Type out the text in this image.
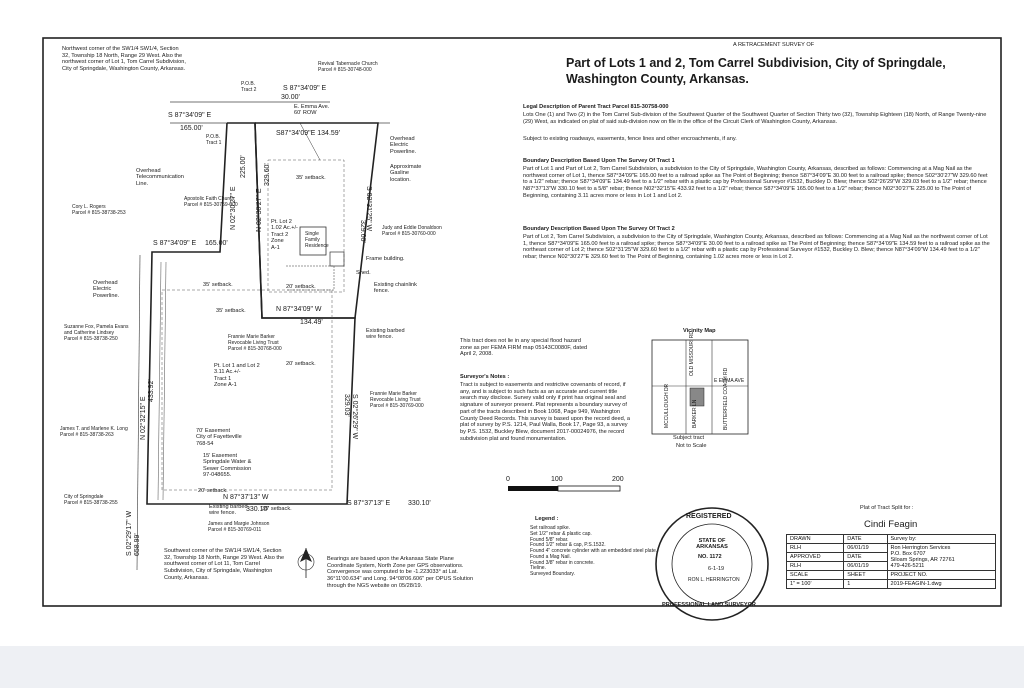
A RETRACEMENT SURVEY OF
Part of Lots 1 and 2, Tom Carrel Subdivision, City of Springdale, Washington County, Arkansas.
Legal Description of Parent Tract Parcel 815-30758-000
Lots One (1) and Two (2) in the Tom Carrel Sub-division of the Southwest Quarter of the Southwest Quarter of Section Thirty two (32), Township Eighteen (18) North, of Range Twenty-nine (29) West, as indicated on plat of said sub-division now on file in the office of the Circuit Clerk of Washington County, Arkansas.
Subject to existing roadways, easements, fence lines and other encroachments, if any.
Boundary Description Based Upon The Survey Of Tract 1
Part of Lot 1 and Part of Lot 2, Tom Carrel Subdivision, a subdivision to the City of Springdale, Washington County, Arkansas, described as follows: Commencing at a Mag Nail as the northwest corner of Lot 1, thence S87°34'09"E 165.00 feet to a railroad spike as The Point of Beginning; thence S87°34'09"E 30.00 feet to a railroad spike; thence S02°30'27"W 329.60 feet to a 1/2" rebar; thence S87°34'09"E 134.49 feet to a 1/2" rebar with a plastic cap by Professional Surveyor #1532, Buckley D. Blew; thence S02°26'29"W 329.03 feet to a 1/2" rebar; thence N87°37'13"W 330.10 feet to a 5/8" rebar; thence N02°32'15"E 433.92 feet to a 1/2" rebar; thence S87°34'09"E 165.00 feet to a 1/2" rebar; thence N02°30'27"E 225.00 to The Point of Beginning, containing 3.11 acres more or less in Lot 1 and Lot 2.
Boundary Description Based Upon The Survey Of Tract 2
Part of Lot 2, Tom Carrel Subdivision, a subdivision to the City of Springdale, Washington County, Arkansas, described as follows: Commencing at a Mag Nail as the northwest corner of Lot 1, thence S87°34'09"E 165.00 feet to a railroad spike; thence S87°34'09"E 30.00 feet to a railroad spike as The Point of Beginning; thence S87°34'09"E 134.59 feet to a railroad spike as the northeast corner of Lot 2; thence S02°31'25"W 329.60 feet to a 1/2" rebar with a plastic cap by Professional Surveyor #1532, Buckley D. Blew; thence N87°34'09"W 134.49 feet to a 1/2" rebar; thence N02°30'27"E 329.60 feet to The Point of Beginning, containing 1.02 acres more or less in Lot 2.
This tract does not lie in any special flood hazard zone as per FEMA FIRM map 05143C0080F, dated April 2, 2008.
Surveyor's Notes :
Tract is subject to easements and restrictive covenants of record, if any, and is subject to such facts as an accurate and current title search may disclose. Survey valid only if print has original seal and signature of surveyor present. Plat represents a boundary survey of part of the tracts described in Book 1068, Page 949, Washington County Deed Records. This survey is based upon the record deed, a plat of survey by P.S. 1214, Paul Walla, Book 17, Page 93, a survey by P.S. 1532, Buckley Blew, document 2017-00024976, the record subdivision plat and found monumentation.
Vicinity Map
E EMMA AVE
MCCULLOUGH DR	BUTTERFIELD COACH RD
BARKER LN
OLD MISSOURI RD
Subject tract
Not to Scale
0	100	200
Legend :
Set railroad spike.
Set 1/2" rebar & plastic cap.
Found 5/8" rebar.
Found 1/2" rebar & cap, P.S.1532.
Found 4" concrete cylinder with an embedded steel plate.
Found a Mag Nail.
Found 3/8" rebar in concrete.
Tieline.
Surveyed Boundary.
Bearings are based upon the Arkansas State Plane Coordinate System, North Zone per GPS observations. Convergence was computed to be -1.223033° at Lat. 36°11'00.634" and Long. 94°08'06.606" per OPUS Solution through the NGS website on 05/28/19.
REGISTERED
STATE OF ARKANSAS
NO. 1172
RON L. HERRINGTON
PROFESSIONAL LAND SURVEYOR
6-1-19
Plat of Tract Split for :
Cindi Feagin
DRAWN	DATE	Survey by:
RLH	06/01/19	Ron Herrington Services
P.O. Box 6707
Siloam Springs, AR 72761
479-426-5211
APPROVED	DATE	
RLH	06/01/19	
SCALE	SHEET	PROJECT NO.
1" = 100'	1	2019-FEAGIN-1.dwg
Northwest corner of the SW1/4 SW1/4, Section 32, Township 18 North, Range 29 West. Also the northwest corner of Lot 1, Tom Carrel Subdivision, City of Springdale, Washington County, Arkansas.
Revival Tabernacle Church
Parcel # 815-30748-000
P.O.B.
Tract 2	S 87°34'09" E
30.00'
E. Emma Ave.
60' ROW
S 87°34'09" E
165.00'
S87°34'09"E 134.59'
P.O.B.
Tract 1
Overhead
Electric
Powerline.
Approximate
Gasline
location.
Overhead
Telecommunication
Line.
Apostolic Faith Church
Parcel # 815-30759-000
Cory L. Rogers
Parcel # 815-38738-253
Judy and Eddie Donaldson
Parcel # 815-30760-000
35' setback.
Pt. Lot 2
1.02 Ac.+/-
Tract 2
Zone
A-1
Single
Family
Residence
Frame building.
Shed.
Existing chainlink
fence.
20' setback.
S 87°34'09" E 165.00'
Overhead
Electric
Powerline.
35' setback.
35' setback.	N 87°34'09" W
134.49'
Existing barbed
wire fence.
Suzanne Fox, Pamela Evans
and Catherine Lindsey
Parcel # 815-38738-250	Frannie Marie Barker
Revocable Living Trust
Parcel # 815-30768-000
20' setback.
Pt. Lot 1 and Lot 2
3.11 Ac.+/-
Tract 1
Zone A-1
Frannie Marie Barker
Revocable Living Trust
Parcel # 815-30769-000
70' Easement
City of Fayetteville
768-54
15' Easement
Springdale Water &
Sewer Commission
97-048655.
James T. and Marlene K. Long
Parcel # 815-38738-263
20' setback.
Existing barbed
wire fence.
35' setback.
City of Springdale
Parcel # 815-38738-255
N 87°37'13" W
330.10'
S 87°37'13" E	330.10'
James and Margie Johnson
Parcel # 815-30769-011
Southwest corner of the SW1/4 SW1/4, Section 32, Township 18 North, Range 29 West. Also the southwest corner of Lot 11, Tom Carrel Subdivision, City of Springdale, Washington County, Arkansas.
N 02°32'15" E
433.92'
N 02°30'27" E
225.00'
N 02°30'27" E
329.60'
S 02°31'25" W
329.60'
S 02°26'29" W
329.03'
S 02°29'17" W 658.99'
